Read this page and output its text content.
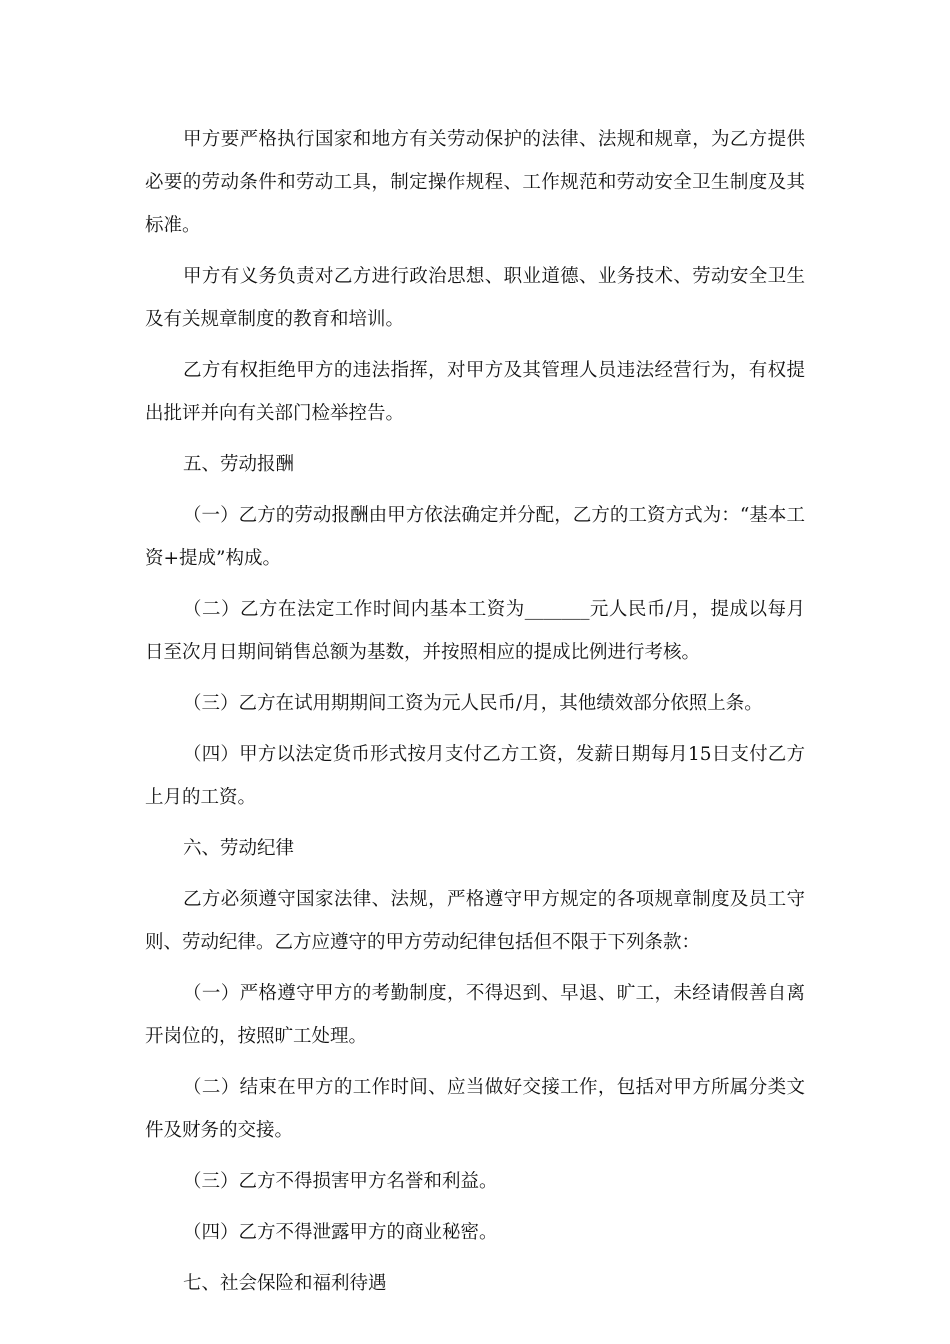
甲方要严格执行国家和地方有关劳动保护的法律、法规和规章，为乙方提供必要的劳动条件和劳动工具，制定操作规程、工作规范和劳动安全卫生制度及其标准。

甲方有义务负责对乙方进行政治思想、职业道德、业务技术、劳动安全卫生及有关规章制度的教育和培训。

乙方有权拒绝甲方的违法指挥，对甲方及其管理人员违法经营行为，有权提出批评并向有关部门检举控告。

五、劳动报酬

（一）乙方的劳动报酬由甲方依法确定并分配，乙方的工资方式为：“基本工资+提成”构成。

（二）乙方在法定工作时间内基本工资为_______元人民币/月，提成以每月日至次月日期间销售总额为基数，并按照相应的提成比例进行考核。

（三）乙方在试用期期间工资为元人民币/月，其他绩效部分依照上条。

（四）甲方以法定货币形式按月支付乙方工资，发薪日期每月15日支付乙方上月的工资。

六、劳动纪律

乙方必须遵守国家法律、法规，严格遵守甲方规定的各项规章制度及员工守则、劳动纪律。乙方应遵守的甲方劳动纪律包括但不限于下列条款：

（一）严格遵守甲方的考勤制度，不得迟到、早退、旷工，未经请假善自离开岗位的，按照旷工处理。

（二）结束在甲方的工作时间、应当做好交接工作，包括对甲方所属分类文件及财务的交接。

（三）乙方不得损害甲方名誉和利益。

（四）乙方不得泄露甲方的商业秘密。

七、社会保险和福利待遇
